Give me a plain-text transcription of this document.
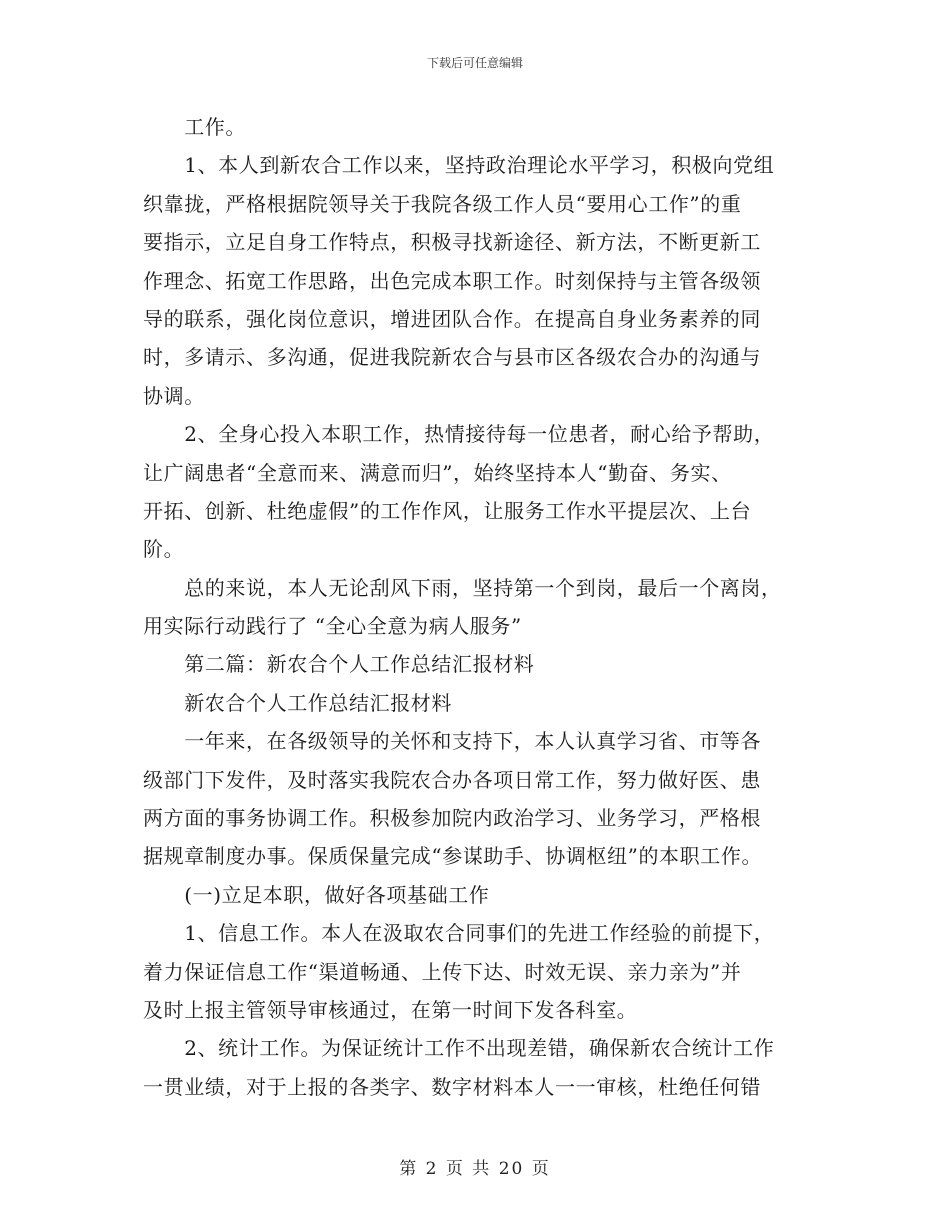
下载后可任意编辑
　　工作。
　　1、本人到新农合工作以来，坚持政治理论水平学习，积极向党组
织靠拢，严格根据院领导关于我院各级工作人员“要用心工作”的重
要指示，立足自身工作特点，积极寻找新途径、新方法，不断更新工
作理念、拓宽工作思路，出色完成本职工作。时刻保持与主管各级领
导的联系，强化岗位意识，增进团队合作。在提高自身业务素养的同
时，多请示、多沟通，促进我院新农合与县市区各级农合办的沟通与
协调。
　　2、全身心投入本职工作，热情接待每一位患者，耐心给予帮助，
让广阔患者“全意而来、满意而归”，始终坚持本人“勤奋、务实、
开拓、创新、杜绝虚假”的工作作风，让服务工作水平提层次、上台
阶。
　　总的来说，本人无论刮风下雨，坚持第一个到岗，最后一个离岗，
用实际行动践行了 “全心全意为病人服务”
　　第二篇：新农合个人工作总结汇报材料
　　新农合个人工作总结汇报材料
　　一年来，在各级领导的关怀和支持下，本人认真学习省、市等各
级部门下发件，及时落实我院农合办各项日常工作，努力做好医、患
两方面的事务协调工作。积极参加院内政治学习、业务学习，严格根
据规章制度办事。保质保量完成“参谋助手、协调枢纽”的本职工作。
　　(一)立足本职，做好各项基础工作
　　1、信息工作。本人在汲取农合同事们的先进工作经验的前提下，
着力保证信息工作“渠道畅通、上传下达、时效无误、亲力亲为”并
及时上报主管领导审核通过，在第一时间下发各科室。
　　2、统计工作。为保证统计工作不出现差错，确保新农合统计工作
一贯业绩，对于上报的各类字、数字材料本人一一审核，杜绝任何错
第 2 页 共 20 页
